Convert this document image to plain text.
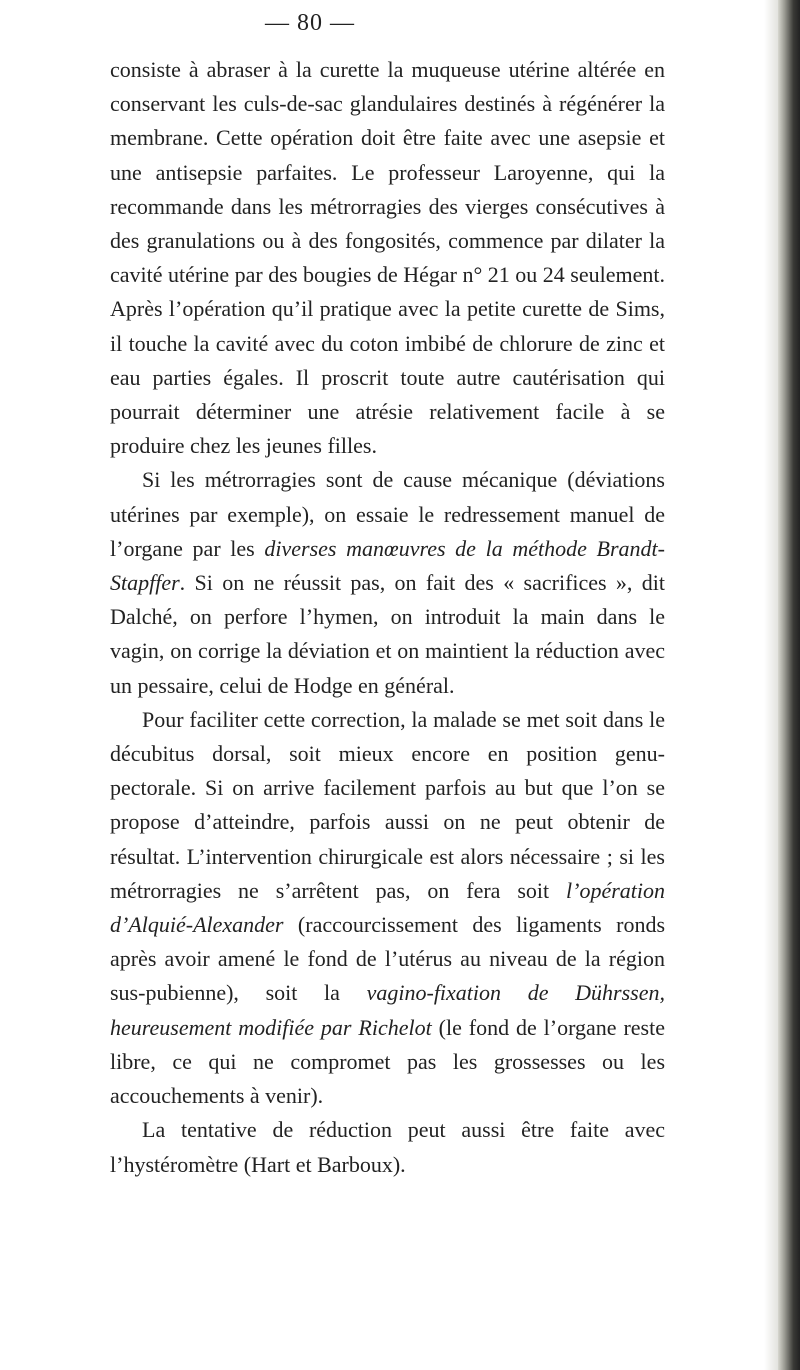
— 80 —

consiste à abraser à la curette la muqueuse utérine altérée en conservant les culs-de-sac glandulaires destinés à régénérer la membrane. Cette opération doit être faite avec une asepsie et une antisepsie parfaites. Le professeur Laroyenne, qui la recommande dans les métrorragies des vierges consécutives à des granulations ou à des fongosités, commence par dilater la cavité utérine par des bougies de Hégar n° 21 ou 24 seulement. Après l’opération qu’il pratique avec la petite curette de Sims, il touche la cavité avec du coton imbibé de chlorure de zinc et eau parties égales. Il proscrit toute autre cautérisation qui pourrait déterminer une atrésie relativement facile à se produire chez les jeunes filles.

Si les métrorragies sont de cause mécanique (déviations utérines par exemple), on essaie le redressement manuel de l’organe par les diverses manœuvres de la méthode Brandt-Stapffer. Si on ne réussit pas, on fait des « sacrifices », dit Dalché, on perfore l’hymen, on introduit la main dans le vagin, on corrige la déviation et on maintient la réduction avec un pessaire, celui de Hodge en général.

Pour faciliter cette correction, la malade se met soit dans le décubitus dorsal, soit mieux encore en position genu-pectorale. Si on arrive facilement parfois au but que l’on se propose d’atteindre, parfois aussi on ne peut obtenir de résultat. L’intervention chirurgicale est alors nécessaire ; si les métrorragies ne s’arrêtent pas, on fera soit l’opération d’Alquié-Alexander (raccourcissement des ligaments ronds après avoir amené le fond de l’utérus au niveau de la région sus-pubienne), soit la vagino-fixation de Dührssen, heureusement modifiée par Richelot (le fond de l’organe reste libre, ce qui ne compromet pas les grossesses ou les accouchements à venir).

La tentative de réduction peut aussi être faite avec l’hystéromètre (Hart et Barboux).
